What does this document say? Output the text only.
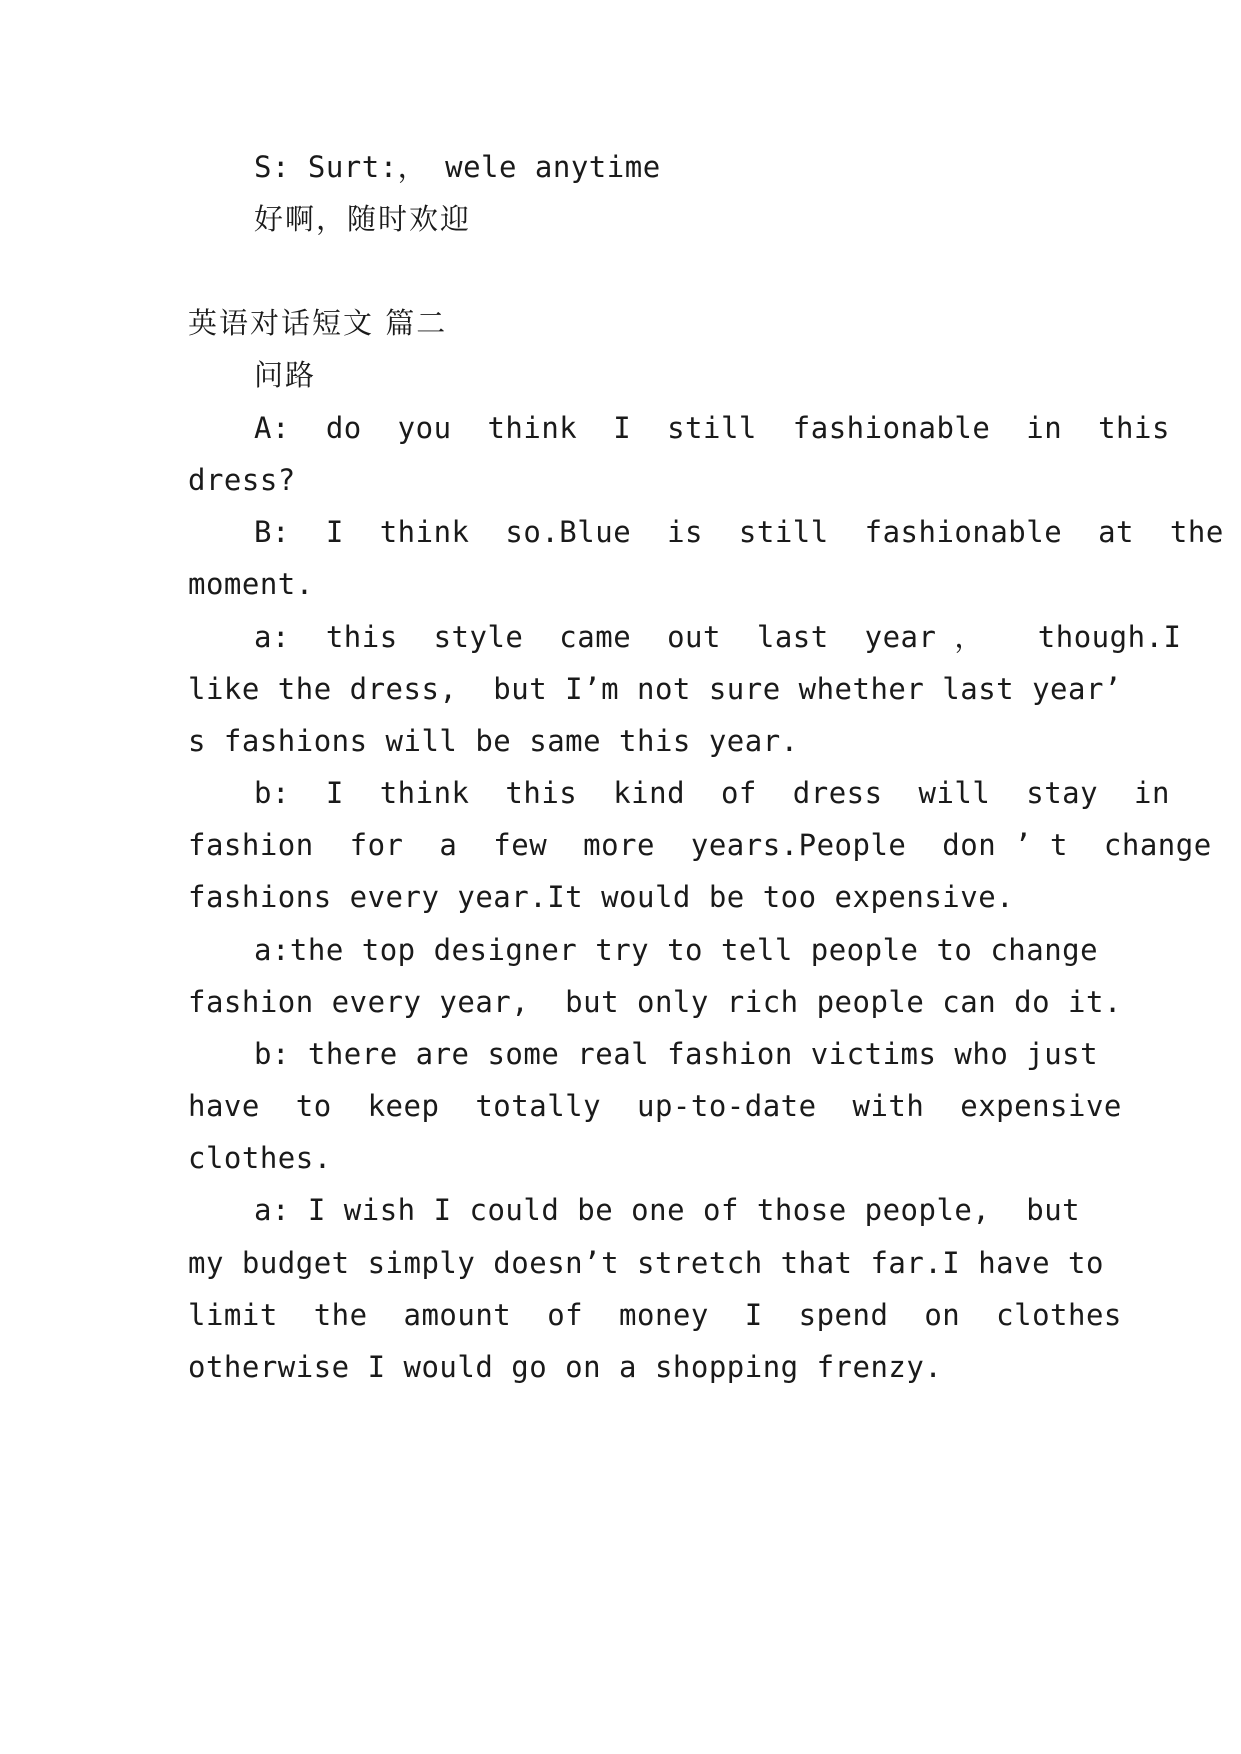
S: Surt:， wele anytime
好啊，随时欢迎
英语对话短文 篇二
问路
A:  do  you  think  I  still  fashionable  in  this
dress?
B:  I  think  so.Blue  is  still  fashionable  at  the
moment.
a:  this  style  came  out  last  year ，   though.I
like the dress,  but I’m not sure whether last year’
s fashions will be same this year.
b:  I  think  this  kind  of  dress  will  stay  in
fashion  for  a  few  more  years.People  don ’ t  change
fashions every year.It would be too expensive.
a:the top designer try to tell people to change
fashion every year,  but only rich people can do it.
b: there are some real fashion victims who just
have  to  keep  totally  up-to-date  with  expensive
clothes.
a: I wish I could be one of those people,  but
my budget simply doesn’t stretch that far.I have to
limit  the  amount  of  money  I  spend  on  clothes
otherwise I would go on a shopping frenzy.
